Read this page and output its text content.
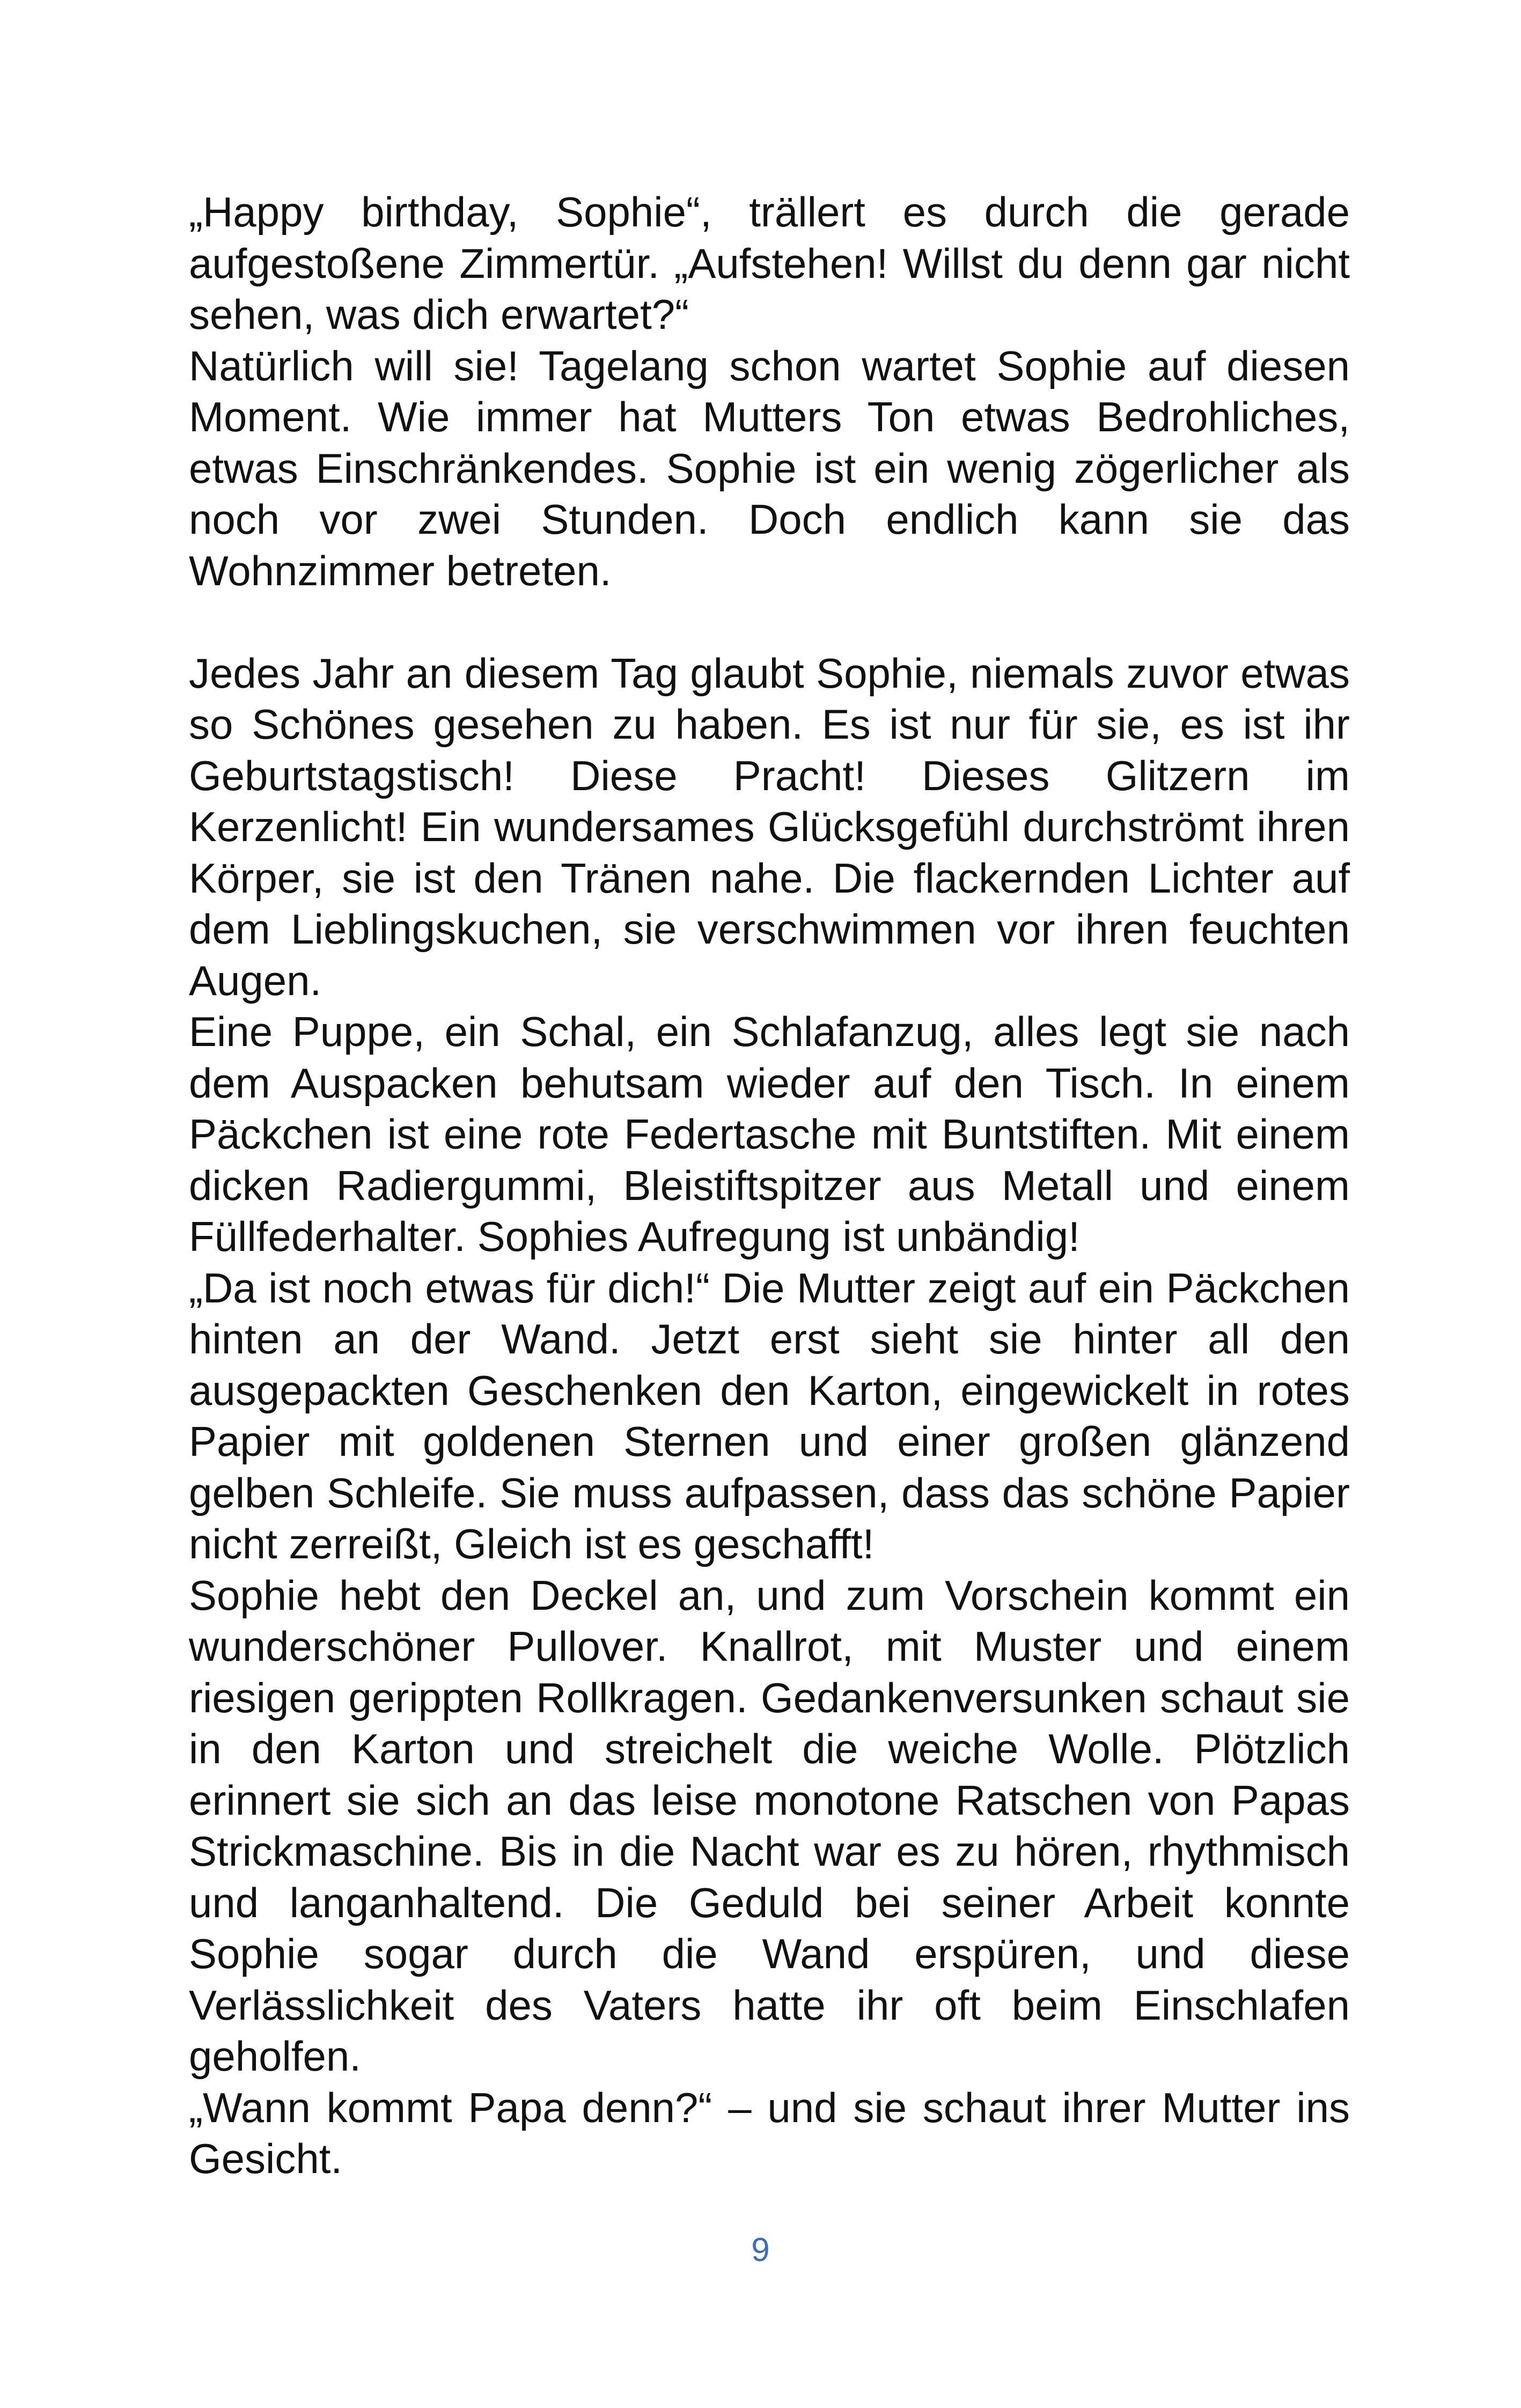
„Happy birthday, Sophie“, trällert es durch die gerade aufgestoßene Zimmertür. „Aufstehen! Willst du denn gar nicht sehen, was dich erwartet?“

Natürlich will sie! Tagelang schon wartet Sophie auf diesen Moment. Wie immer hat Mutters Ton etwas Bedrohliches, etwas Einschränkendes. Sophie ist ein wenig zögerlicher als noch vor zwei Stunden. Doch endlich kann sie das Wohnzimmer betreten.

Jedes Jahr an diesem Tag glaubt Sophie, niemals zuvor etwas so Schönes gesehen zu haben. Es ist nur für sie, es ist ihr Geburtstagstisch! Diese Pracht! Dieses Glitzern im Kerzenlicht! Ein wundersames Glücksgefühl durchströmt ihren Körper, sie ist den Tränen nahe. Die flackernden Lichter auf dem Lieblingskuchen, sie verschwimmen vor ihren feuchten Augen.

Eine Puppe, ein Schal, ein Schlafanzug, alles legt sie nach dem Auspacken behutsam wieder auf den Tisch. In einem Päckchen ist eine rote Federtasche mit Buntstiften. Mit einem dicken Radiergummi, Bleistiftspitzer aus Metall und einem Füllfederhalter. Sophies Aufregung ist unbändig!

„Da ist noch etwas für dich!“ Die Mutter zeigt auf ein Päckchen hinten an der Wand. Jetzt erst sieht sie hinter all den ausgepackten Geschenken den Karton, eingewickelt in rotes Papier mit goldenen Sternen und einer großen glänzend gelben Schleife. Sie muss aufpassen, dass das schöne Papier nicht zerreißt, Gleich ist es geschafft!

Sophie hebt den Deckel an, und zum Vorschein kommt ein wunderschöner Pullover. Knallrot, mit Muster und einem riesigen gerippten Rollkragen. Gedankenversunken schaut sie in den Karton und streichelt die weiche Wolle. Plötzlich erinnert sie sich an das leise monotone Ratschen von Papas Strickmaschine. Bis in die Nacht war es zu hören, rhythmisch und langanhaltend. Die Geduld bei seiner Arbeit konnte Sophie sogar durch die Wand erspüren, und diese Verlässlichkeit des Vaters hatte ihr oft beim Einschlafen geholfen.

„Wann kommt Papa denn?“ – und sie schaut ihrer Mutter ins Gesicht.

9
